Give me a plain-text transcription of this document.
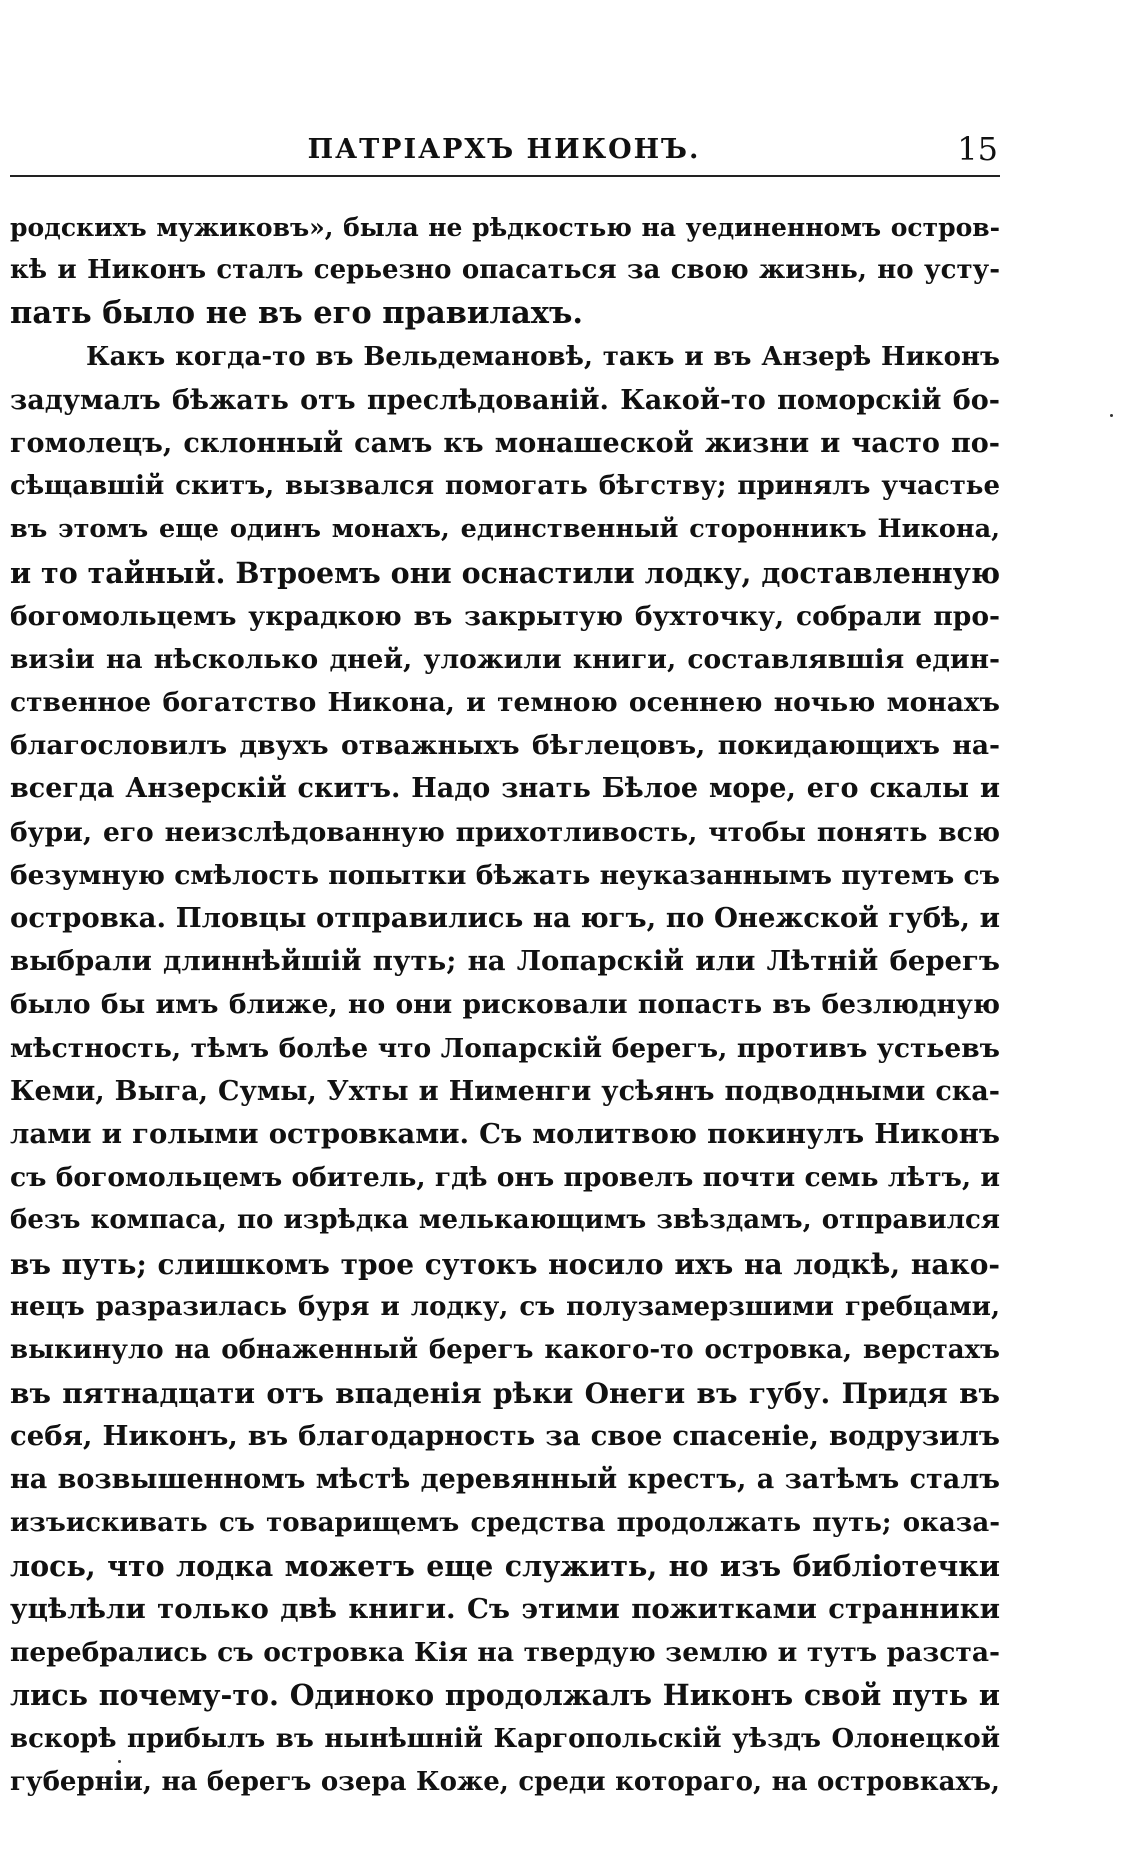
ПАТРІАРХЪ НИКОНЪ.	15
родскихъ мужиковъ», была не рѣдкостью на уединенномъ остров-
кѣ и Никонъ сталъ серьезно опасаться за свою жизнь, но усту-
пать было не въ его правилахъ.
Какъ когда-то въ Вельдемановѣ, такъ и въ Анзерѣ Никонъ
задумалъ бѣжать отъ преслѣдованій. Какой-то поморскій бо-
гомолецъ, склонный самъ къ монашеской жизни и часто по-
сѣщавшій скитъ, вызвался помогать бѣгству; принялъ участье
въ этомъ еще одинъ монахъ, единственный сторонникъ Никона,
и то тайный. Втроемъ они оснастили лодку, доставленную
богомольцемъ украдкою въ закрытую бухточку, собрали про-
визіи на нѣсколько дней, уложили книги, составлявшія един-
ственное богатство Никона, и темною осеннею ночью монахъ
благословилъ двухъ отважныхъ бѣглецовъ, покидающихъ на-
всегда Анзерскій скитъ. Надо знать Бѣлое море, его скалы и
бури, его неизслѣдованную прихотливость, чтобы понять всю
безумную смѣлость попытки бѣжать неуказаннымъ путемъ съ
островка. Пловцы отправились на югъ, по Онежской губѣ, и
выбрали длиннѣйшій путь; на Лопарскій или Лѣтній берегъ
было бы имъ ближе, но они рисковали попасть въ безлюдную
мѣстность, тѣмъ болѣе что Лопарскій берегъ, противъ устьевъ
Кеми, Выга, Сумы, Ухты и Нименги усѣянъ подводными ска-
лами и голыми островками. Съ молитвою покинулъ Никонъ
съ богомольцемъ обитель, гдѣ онъ провелъ почти семь лѣтъ, и
безъ компаса, по изрѣдка мелькающимъ звѣздамъ, отправился
въ путь; слишкомъ трое сутокъ носило ихъ на лодкѣ, нако-
нецъ разразилась буря и лодку, съ полузамерзшими гребцами,
выкинуло на обнаженный берегъ какого-то островка, верстахъ
въ пятнадцати отъ впаденія рѣки Онеги въ губу. Придя въ
себя, Никонъ, въ благодарность за свое спасеніе, водрузилъ
на возвышенномъ мѣстѣ деревянный крестъ, а затѣмъ сталъ
изъискивать съ товарищемъ средства продолжать путь; оказа-
лось, что лодка можетъ еще служить, но изъ библіотечки
уцѣлѣли только двѣ книги. Съ этими пожитками странники
перебрались съ островка Кія на твердую землю и тутъ разста-
лись почему-то. Одиноко продолжалъ Никонъ свой путь и
вскорѣ прибылъ въ нынѣшній Каргопольскій уѣздъ Олонецкой
губерніи, на берегъ озера Коже, среди котораго, на островкахъ,
